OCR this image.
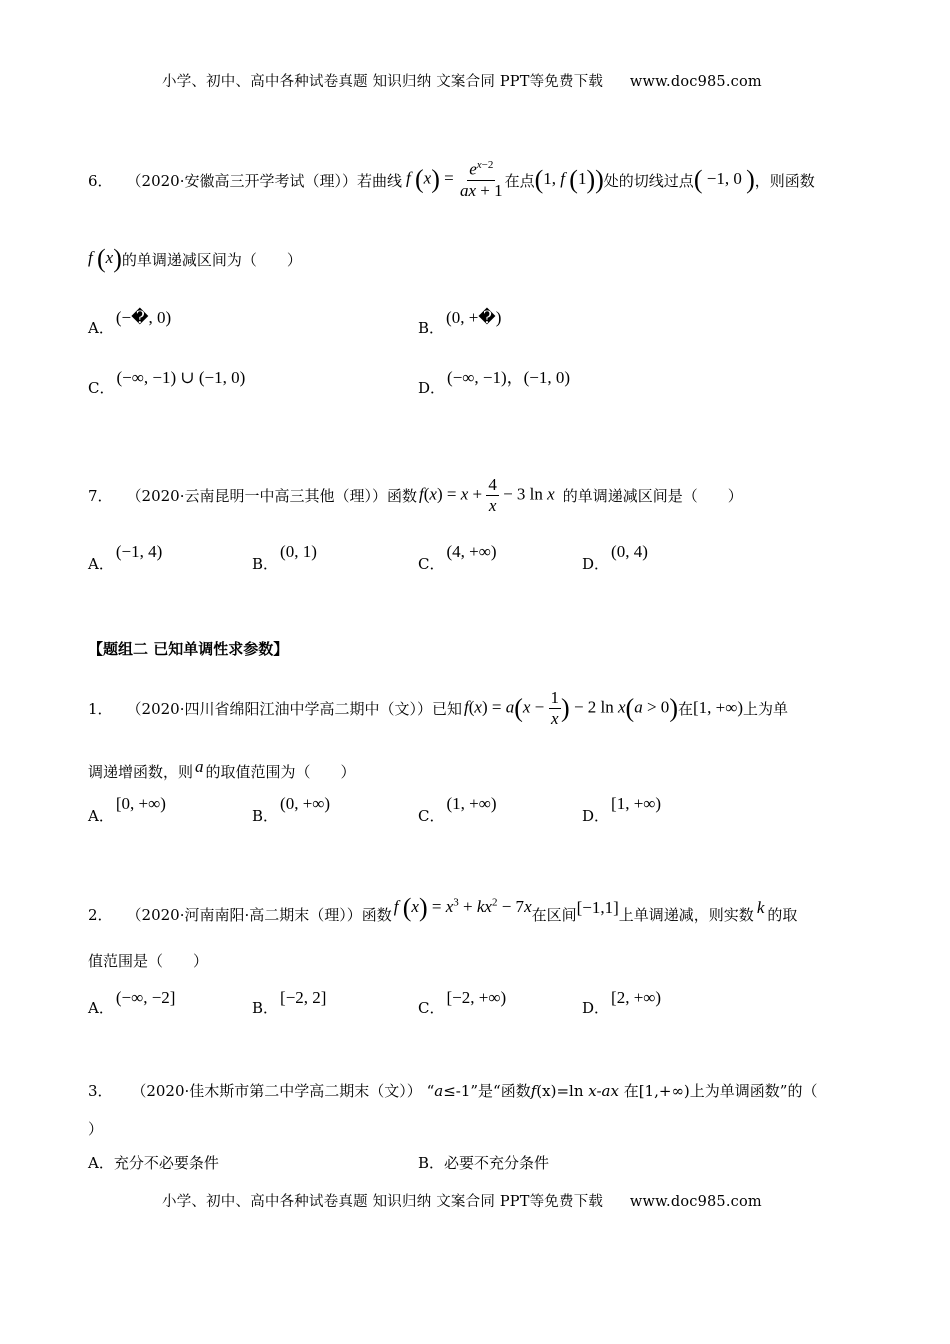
小学、初中、高中各种试卷真题 知识归纳 文案合同 PPT等免费下载 www.doc985.com
6． （2020·安徽高三开学考试（理））若曲线 f $(x) = \frac{e^{x-2}}{ax + 1}$ 在点 (1, f (1)) 处的切线过点 ( −1, 0 ) ，则函数
f (x) 的单调递减区间为（　　）
A．
(−�, 0)
B．
(0, +�)
C．
(−∞, −1) ∪ (−1, 0)
D．
(−∞, −1)，(−1, 0)
7． （2020·云南昆明一中高三其他（理））函数 $f(x) = x + \frac{4}{x} - 3$ ln x 的单调递减区间是（　　）
A．
(−1, 4)
B．
(0, 1)
C．
(4, +∞)
D．
(0, 4)
【题组二 已知单调性求参数】
1． （2020·四川省绵阳江油中学高二期中（文））已知 $f(x) = a(x - \frac{1}{x}$ ) − 2 ln x(a > 0) 在 [1, +∞) 上为单
调递增函数，则 a 的取值范围为（　　）
A．
[0, +∞)
B．
(0, +∞)
C．
(1, +∞)
D．
[1, +∞)
2． （2020·河南南阳·高二期末（理））函数 f $(x) = x^3 + kx^2 - 7x$ 在区间 [−1,1] 上单调递减，则实数 k 的取
值范围是（　　）
A．
(−∞, −2]
B．
[−2, 2]
C．
[−2, +∞)
D．
[2, +∞)
3． （2020·佳木斯市第二中学高二期末（文）） “a≤-1”是“函数f(x)=ln x-ax 在[1,+∞)上为单调函数”的（
）
A．充分不必要条件	B．必要不充分条件
小学、初中、高中各种试卷真题 知识归纳 文案合同 PPT等免费下载 www.doc985.com
